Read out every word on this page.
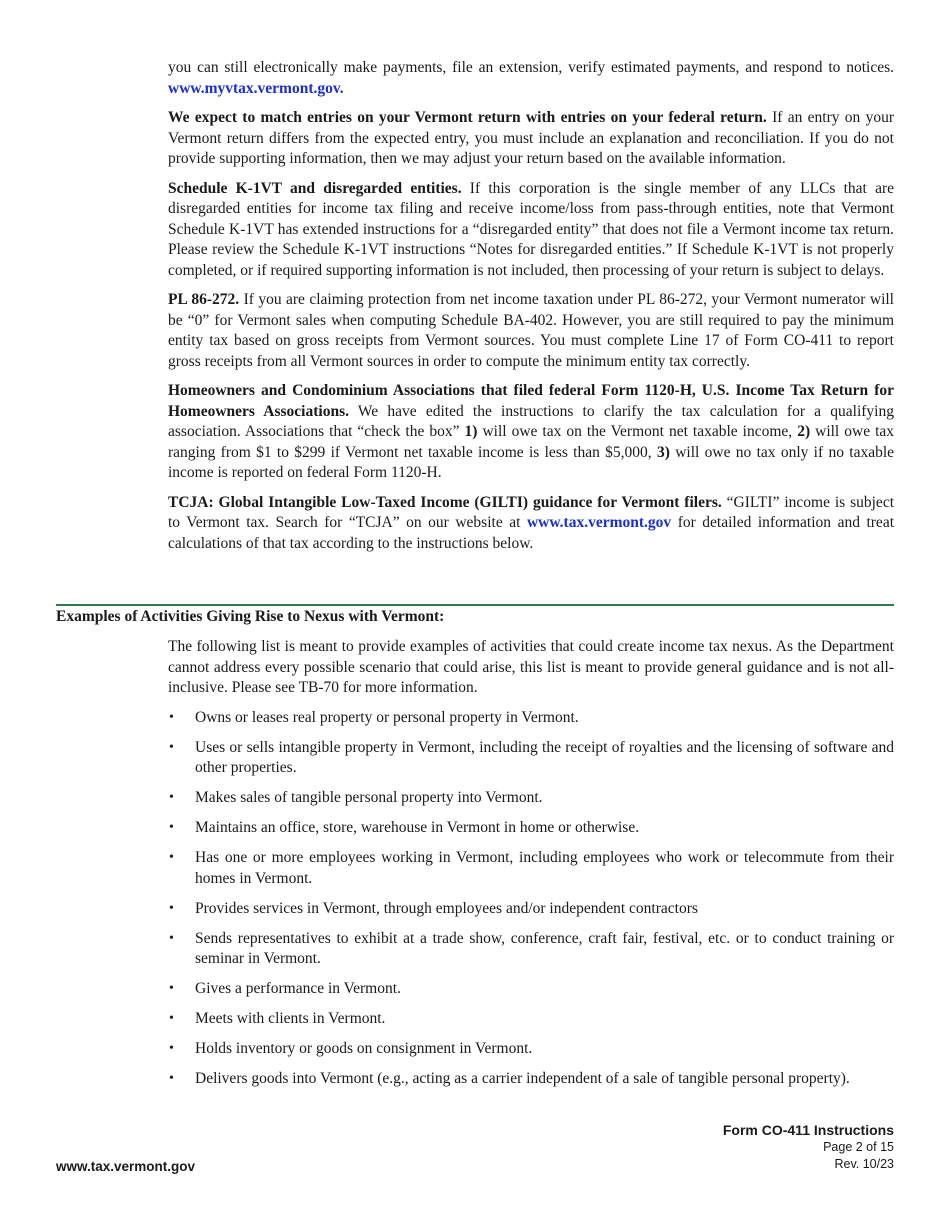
you can still electronically make payments, file an extension, verify estimated payments, and respond to notices. www.myvtax.vermont.gov.

We expect to match entries on your Vermont return with entries on your federal return. If an entry on your Vermont return differs from the expected entry, you must include an explanation and reconciliation. If you do not provide supporting information, then we may adjust your return based on the available information.

Schedule K-1VT and disregarded entities. If this corporation is the single member of any LLCs that are disregarded entities for income tax filing and receive income/loss from pass-through entities, note that Vermont Schedule K-1VT has extended instructions for a “disregarded entity” that does not file a Vermont income tax return. Please review the Schedule K-1VT instructions “Notes for disregarded entities.” If Schedule K-1VT is not properly completed, or if required supporting information is not included, then processing of your return is subject to delays.

PL 86-272. If you are claiming protection from net income taxation under PL 86-272, your Vermont numerator will be “0” for Vermont sales when computing Schedule BA-402. However, you are still required to pay the minimum entity tax based on gross receipts from Vermont sources. You must complete Line 17 of Form CO-411 to report gross receipts from all Vermont sources in order to compute the minimum entity tax correctly.

Homeowners and Condominium Associations that filed federal Form 1120-H, U.S. Income Tax Return for Homeowners Associations. We have edited the instructions to clarify the tax calculation for a qualifying association. Associations that “check the box” 1) will owe tax on the Vermont net taxable income, 2) will owe tax ranging from $1 to $299 if Vermont net taxable income is less than $5,000, 3) will owe no tax only if no taxable income is reported on federal Form 1120-H.

TCJA: Global Intangible Low-Taxed Income (GILTI) guidance for Vermont filers. “GILTI” income is subject to Vermont tax. Search for “TCJA” on our website at www.tax.vermont.gov for detailed information and treat calculations of that tax according to the instructions below.

Examples of Activities Giving Rise to Nexus with Vermont:

The following list is meant to provide examples of activities that could create income tax nexus. As the Department cannot address every possible scenario that could arise, this list is meant to provide general guidance and is not all-inclusive. Please see TB-70 for more information.

• Owns or leases real property or personal property in Vermont.
• Uses or sells intangible property in Vermont, including the receipt of royalties and the licensing of software and other properties.
• Makes sales of tangible personal property into Vermont.
• Maintains an office, store, warehouse in Vermont in home or otherwise.
• Has one or more employees working in Vermont, including employees who work or telecommute from their homes in Vermont.
• Provides services in Vermont, through employees and/or independent contractors
• Sends representatives to exhibit at a trade show, conference, craft fair, festival, etc. or to conduct training or seminar in Vermont.
• Gives a performance in Vermont.
• Meets with clients in Vermont.
• Holds inventory or goods on consignment in Vermont.
• Delivers goods into Vermont (e.g., acting as a carrier independent of a sale of tangible personal property).
Form CO-411 Instructions
Page 2 of 15
Rev. 10/23
www.tax.vermont.gov
